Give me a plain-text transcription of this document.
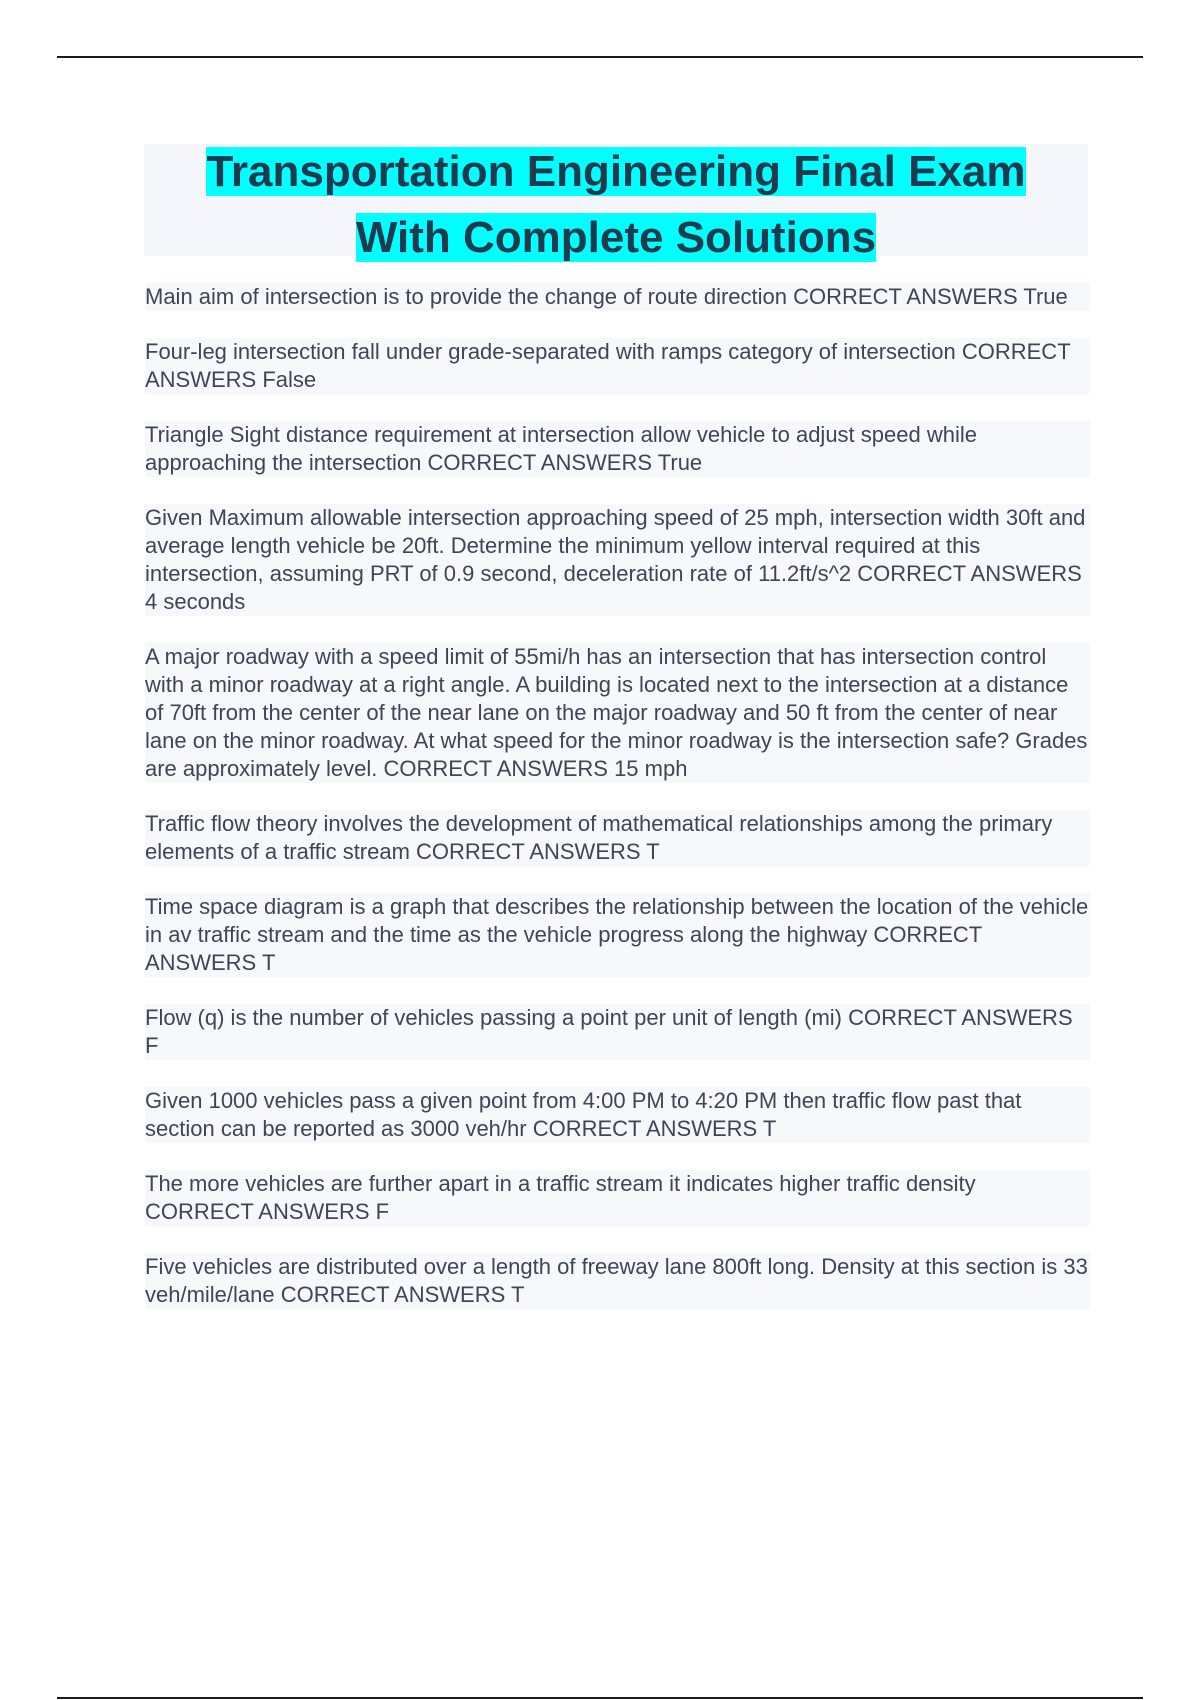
Transportation Engineering Final Exam
With Complete Solutions

Main aim of intersection is to provide the change of route direction CORRECT ANSWERS True

Four-leg intersection fall under grade-separated with ramps category of intersection CORRECT ANSWERS False

Triangle Sight distance requirement at intersection allow vehicle to adjust speed while approaching the intersection CORRECT ANSWERS True

Given Maximum allowable intersection approaching speed of 25 mph, intersection width 30ft and average length vehicle be 20ft. Determine the minimum yellow interval required at this intersection, assuming PRT of 0.9 second, deceleration rate of 11.2ft/s^2 CORRECT ANSWERS 4 seconds

A major roadway with a speed limit of 55mi/h has an intersection that has intersection control with a minor roadway at a right angle. A building is located next to the intersection at a distance of 70ft from the center of the near lane on the major roadway and 50 ft from the center of near lane on the minor roadway. At what speed for the minor roadway is the intersection safe? Grades are approximately level. CORRECT ANSWERS 15 mph

Traffic flow theory involves the development of mathematical relationships among the primary elements of a traffic stream CORRECT ANSWERS T

Time space diagram is a graph that describes the relationship between the location of the vehicle in av traffic stream and the time as the vehicle progress along the highway CORRECT ANSWERS T

Flow (q) is the number of vehicles passing a point per unit of length (mi) CORRECT ANSWERS F

Given 1000 vehicles pass a given point from 4:00 PM to 4:20 PM then traffic flow past that section can be reported as 3000 veh/hr CORRECT ANSWERS T

The more vehicles are further apart in a traffic stream it indicates higher traffic density CORRECT ANSWERS F

Five vehicles are distributed over a length of freeway lane 800ft long. Density at this section is 33 veh/mile/lane CORRECT ANSWERS T
